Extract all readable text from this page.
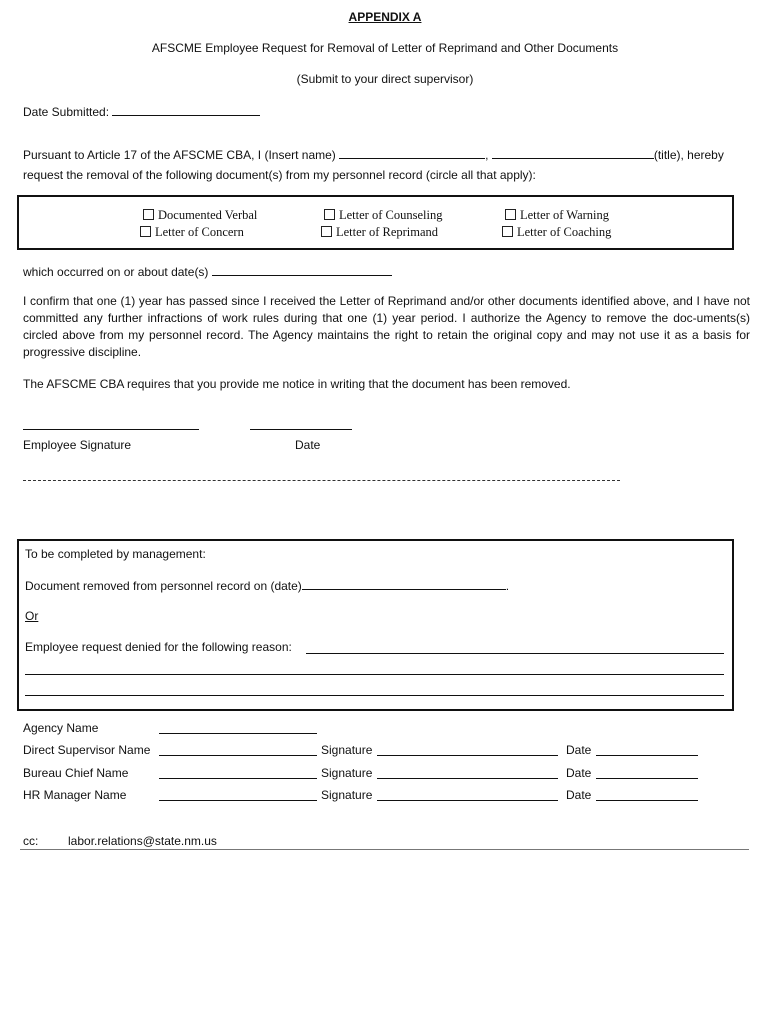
APPENDIX A
AFSCME Employee Request for Removal of Letter of Reprimand and Other Documents
(Submit to your direct supervisor)
Date Submitted:
Pursuant to Article 17 of the AFSCME CBA, I (Insert name)	,	(title), hereby
request the removal of the following document(s) from my personnel record (circle all that apply):
Documented Verbal	Letter of Counseling	Letter of Warning
Letter of Concern	Letter of Reprimand	Letter of Coaching
which occurred on or about date(s)
I confirm that one (1) year has passed since I received the Letter of Reprimand and/or other documents identified above, and I have not committed any further infractions of work rules during that one (1) year period. I authorize the Agency to remove the doc-uments(s) circled above from my personnel record. The Agency maintains the right to retain the original copy and may not use it as a basis for progressive discipline.
The AFSCME CBA requires that you provide me notice in writing that the document has been removed.
Employee Signature	Date
To be completed by management:
Document removed from personnel record on (date)	.
Or
Employee request denied for the following reason:
Agency Name
Direct Supervisor Name	Signature	Date
Bureau Chief Name	Signature	Date
HR Manager Name	Signature	Date
cc: labor.relations@state.nm.us
